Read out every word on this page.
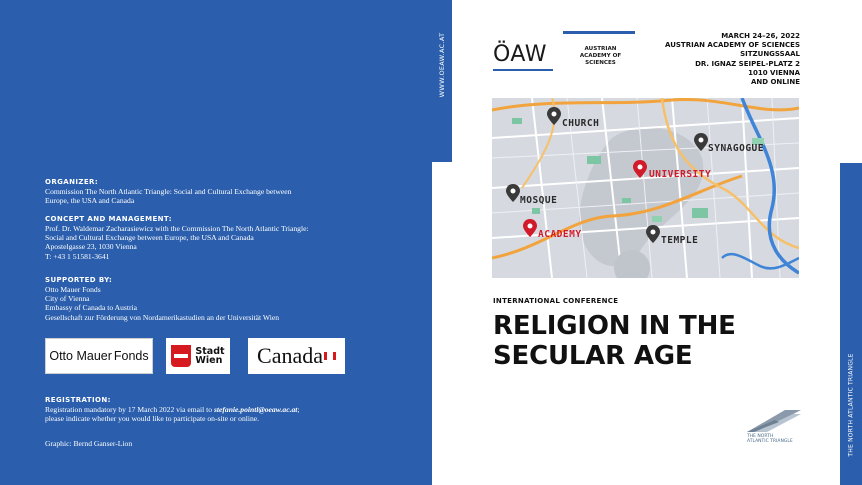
WWW.OEAW.AC.AT
ORGANIZER:
Commission The North Atlantic Triangle: Social and Cultural Exchange between
Europe, the USA and Canada
CONCEPT AND MANAGEMENT:
Prof. Dr. Waldemar Zacharasiewicz with the Commission The North Atlantic Triangle:
Social and Cultural Exchange between Europe, the USA and Canada
Apostelgasse 23, 1030 Vienna
T: +43 1 51581-3641
SUPPORTED BY:
Otto Mauer Fonds
City of Vienna
Embassy of Canada to Austria
Gesellschaft zur Förderung von Nordamerikastudien an der Universität Wien
Otto Mauer Fonds	Stadt
Wien Canada
REGISTRATION:
Registration mandatory by 17 March 2022 via email to stefanie.pointl@oeaw.ac.at;
please indicate whether you would like to participate on-site or online.
Graphic: Bernd Ganser-Lion
ÖAW	AUSTRIAN
ACADEMY OF
SCIENCES
MARCH 24–26, 2022
AUSTRIAN ACADEMY OF SCIENCES
SITZUNGSSAAL
DR. IGNAZ SEIPEL-PLATZ 2
1010 VIENNA
AND ONLINE
CHURCH
SYNAGOGUE
UNIVERSITY
MOSQUE
ACADEMY
TEMPLE
INTERNATIONAL CONFERENCE
RELIGION IN THE
SECULAR AGE	THE NORTH ATLANTIC TRIANGLE
THE NORTH
ATLANTIC TRIANGLE
